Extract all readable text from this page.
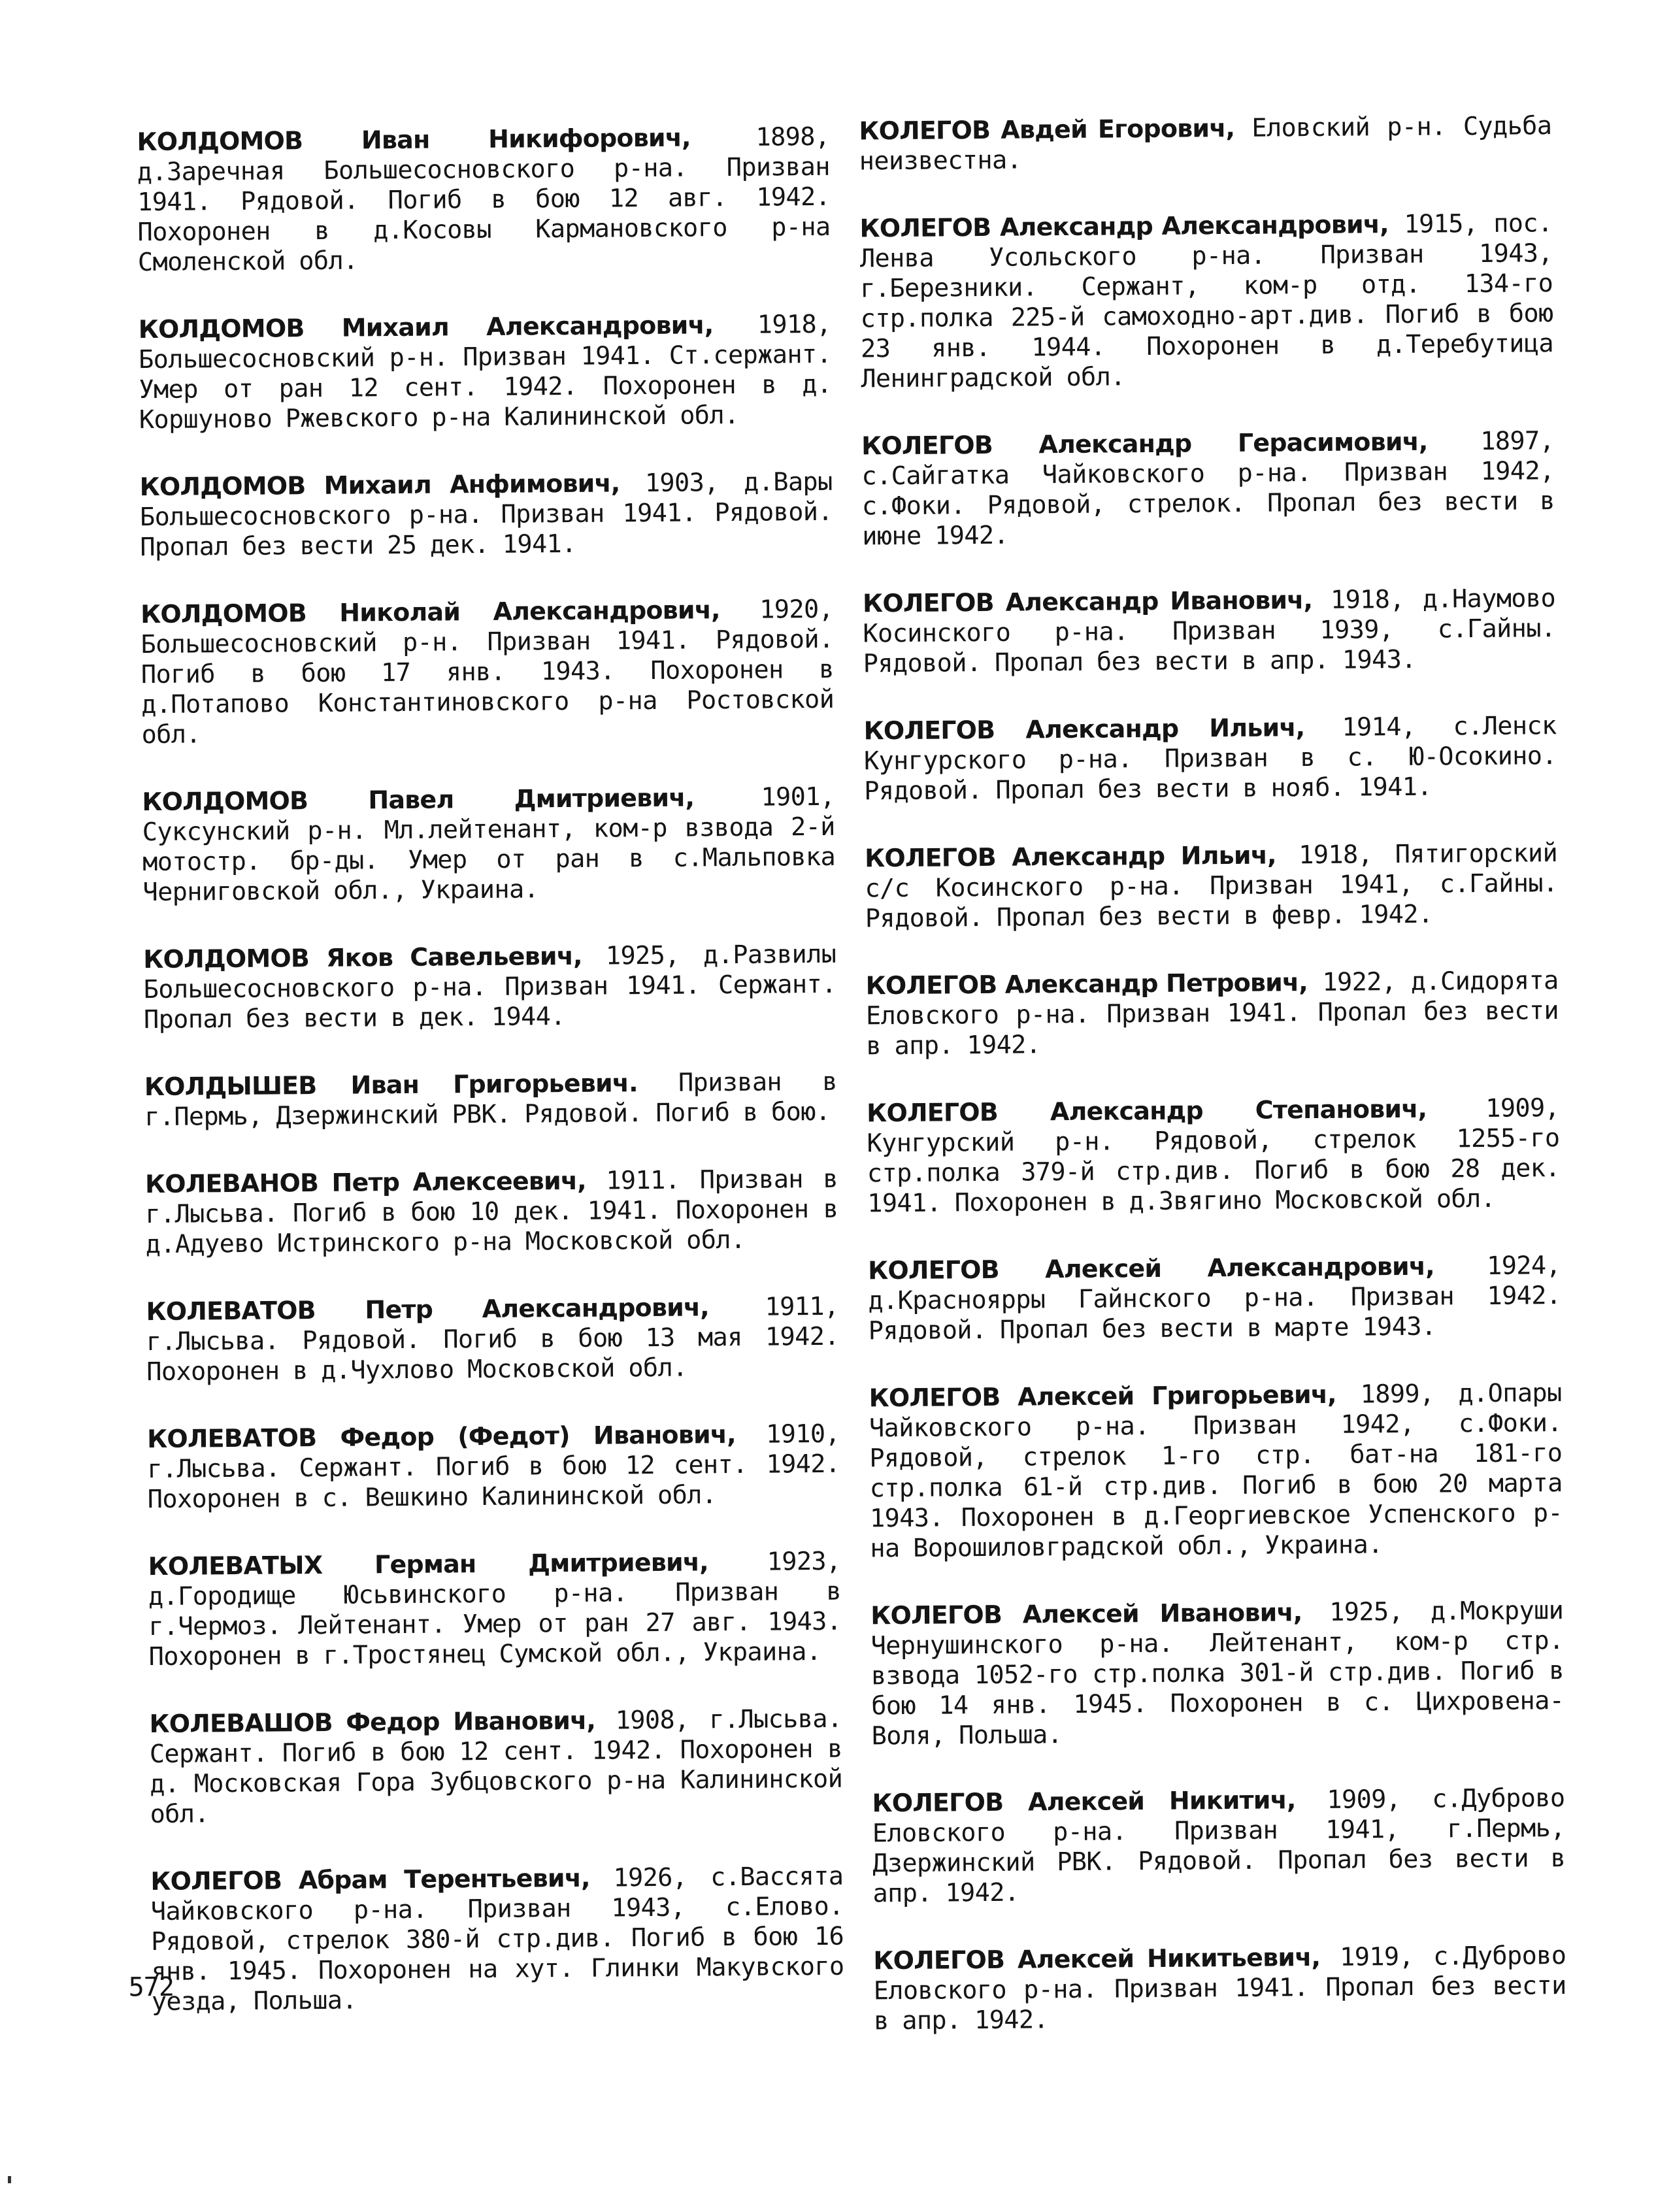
КОЛДОМОВ Иван Никифорович,	1898, д.Заречная Большесосновского р-на. Призван 1941. Рядовой. Погиб в бою 12 авг. 1942. Похоронен в д.Косовы Кармановского р-на Смоленской обл.

КОЛДОМОВ Михаил Александрович, 1918, Большесосновский р-н. Призван 1941. Ст.сержант. Умер от ран 12 сент. 1942. Похоронен в д. Коршуново Ржевского р-на Калининской обл.

КОЛДОМОВ Михаил Анфимович, 1903, д.Вары Большесосновского р-на. Призван 1941. Рядовой. Пропал без вести 25 дек. 1941.

КОЛДОМОВ Николай Александрович, 1920, Большесосновский р-н. Призван 1941. Рядовой. Погиб в бою 17 янв. 1943. Похоронен в д.Потапово Константиновского р-на Ростовской обл.

КОЛДОМОВ Павел Дмитриевич,	1901, Суксунский р-н. Мл.лейтенант, ком-р взвода 2-й мотостр. бр-ды. Умер от ран в с.Мальповка Черниговской обл., Украина.

КОЛДОМОВ Яков Савельевич, 1925, д.Развилы Большесосновского р-на. Призван 1941. Сержант. Пропал без вести в дек. 1944.

КОЛДЫШЕВ Иван Григорьевич. Призван в г.Пермь, Дзержинский РВК. Рядовой. Погиб в бою.

КОЛЕВАНОВ Петр Алексеевич, 1911. Призван в г.Лысьва. Погиб в бою 10 дек. 1941. Похоронен в д.Адуево Истринского р-на Московской обл.

КОЛЕВАТОВ Петр Александрович, 1911, г.Лысьва. Рядовой. Погиб в бою 13 мая 1942. Похоронен в д.Чухлово Московской обл.

КОЛЕВАТОВ Федор (Федот) Иванович, 1910, г.Лысьва. Сержант. Погиб в бою 12 сент. 1942. Похоронен в с. Вешкино Калининской обл.

КОЛЕВАТЫХ Герман Дмитриевич, 1923, д.Городище Юсьвинского р-на. Призван в г.Чермоз. Лейтенант. Умер от ран 27 авг. 1943. Похоронен в г.Тростянец Сумской обл., Украина.

КОЛЕВАШОВ Федор Иванович, 1908, г.Лысьва. Сержант. Погиб в бою 12 сент. 1942. Похоронен в д. Московская Гора Зубцовского р-на Калининской обл.

КОЛЕГОВ Абрам Терентьевич, 1926, с.Вассята Чайковского р-на. Призван 1943, с.Елово. Рядовой, стрелок 380-й стр.див. Погиб в бою 16 янв. 1945. Похоронен на хут. Глинки Макувского уезда, Польша.

КОЛЕГОВ Авдей Егорович, Еловский р-н. Судьба неизвестна.

КОЛЕГОВ Александр Александрович, 1915, пос. Ленва Усольского р-на. Призван 1943, г.Березники. Сержант, ком-р отд. 134-го стр.полка 225-й самоходно-арт.див. Погиб в бою 23 янв. 1944. Похоронен в д.Теребутица Ленинградской обл.

КОЛЕГОВ Александр Герасимович, 1897, с.Сайгатка Чайковского р-на. Призван 1942, с.Фоки. Рядовой, стрелок. Пропал без вести в июне 1942.

КОЛЕГОВ Александр Иванович, 1918, д.Наумово Косинского р-на. Призван 1939, с.Гайны. Рядовой. Пропал без вести в апр. 1943.

КОЛЕГОВ Александр Ильич, 1914, с.Ленск Кунгурского р-на. Призван в с. Ю-Осокино. Рядовой. Пропал без вести в нояб. 1941.

КОЛЕГОВ Александр Ильич, 1918, Пятигорский с/с Косинского р-на. Призван 1941, с.Гайны. Рядовой. Пропал без вести в февр. 1942.

КОЛЕГОВ Александр Петрович, 1922, д.Сидорята Еловского р-на. Призван 1941. Пропал без вести в апр. 1942.

КОЛЕГОВ Александр Степанович, 1909, Кунгурский р-н. Рядовой, стрелок 1255-го стр.полка 379-й стр.див. Погиб в бою 28 дек. 1941. Похоронен в д.Звягино Московской обл.

КОЛЕГОВ Алексей Александрович, 1924, д.Красноярры Гайнского р-на. Призван 1942. Рядовой. Пропал без вести в марте 1943.

КОЛЕГОВ Алексей Григорьевич, 1899, д.Опары Чайковского р-на. Призван 1942, с.Фоки. Рядовой, стрелок 1-го стр. бат-на 181-го стр.полка 61-й стр.див. Погиб в бою 20 марта 1943. Похоронен в д.Георгиевское Успенского р-на Ворошиловградской обл., Украина.

КОЛЕГОВ Алексей Иванович, 1925, д.Мокруши Чернушинского р-на. Лейтенант, ком-р стр. взвода 1052-го стр.полка 301-й стр.див. Погиб в бою 14 янв. 1945. Похоронен в с. Цихровена-Воля, Польша.

КОЛЕГОВ Алексей Никитич, 1909, с.Дуброво Еловского р-на. Призван 1941, г.Пермь, Дзержинский РВК. Рядовой. Пропал без вести в апр. 1942.

КОЛЕГОВ Алексей Никитьевич, 1919, с.Дуброво Еловского р-на. Призван 1941. Пропал без вести в апр. 1942.

572
